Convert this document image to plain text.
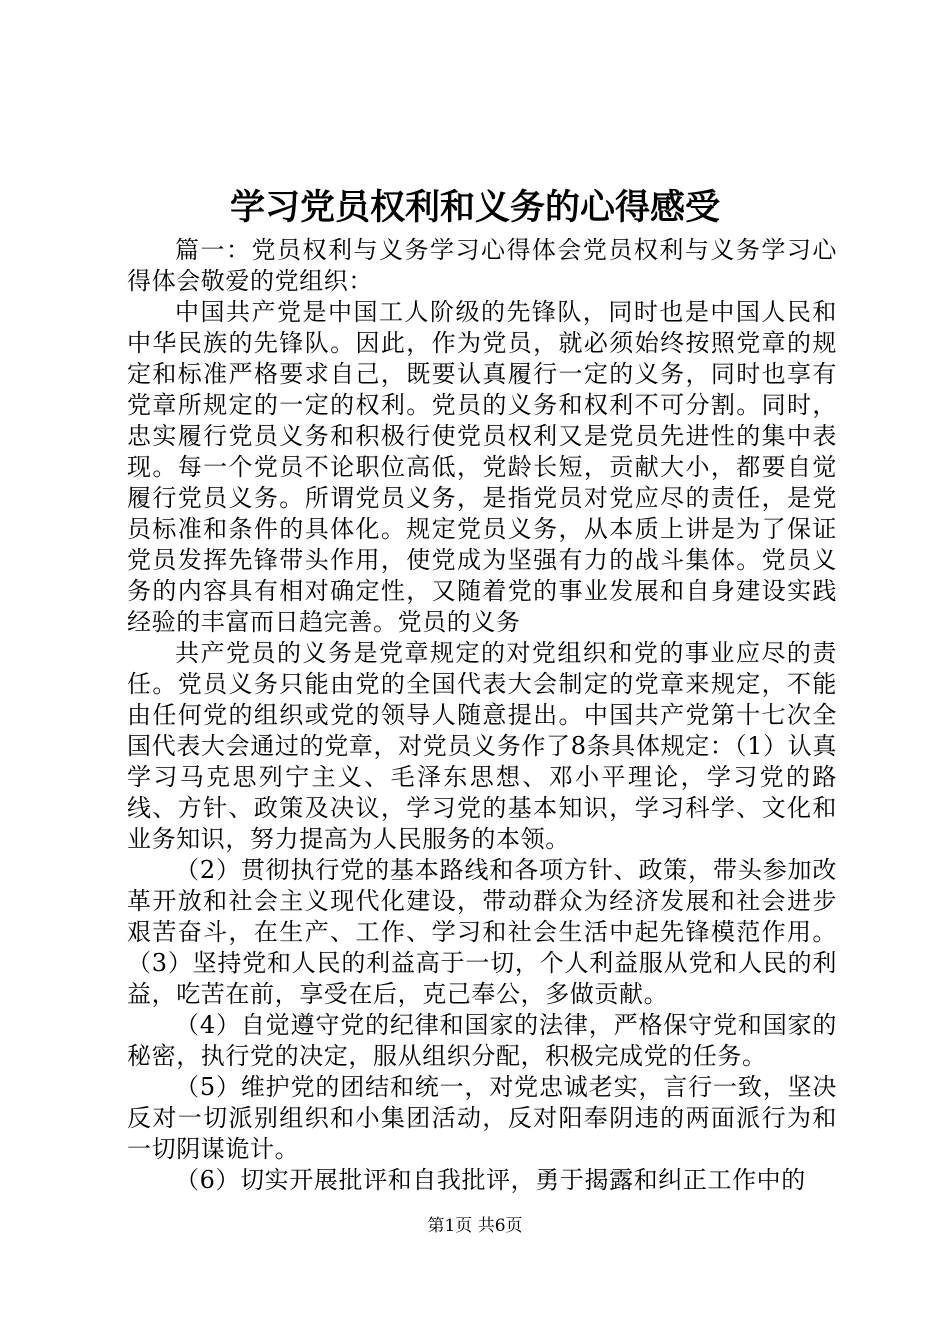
学习党员权利和义务的心得感受

篇一：党员权利与义务学习心得体会党员权利与义务学习心得体会敬爱的党组织：

中国共产党是中国工人阶级的先锋队，同时也是中国人民和中华民族的先锋队。因此，作为党员，就必须始终按照党章的规定和标准严格要求自己，既要认真履行一定的义务，同时也享有党章所规定的一定的权利。党员的义务和权利不可分割。同时，忠实履行党员义务和积极行使党员权利又是党员先进性的集中表现。每一个党员不论职位高低，党龄长短，贡献大小，都要自觉履行党员义务。所谓党员义务，是指党员对党应尽的责任，是党员标准和条件的具体化。规定党员义务，从本质上讲是为了保证党员发挥先锋带头作用，使党成为坚强有力的战斗集体。党员义务的内容具有相对确定性，又随着党的事业发展和自身建设实践经验的丰富而日趋完善。党员的义务

共产党员的义务是党章规定的对党组织和党的事业应尽的责任。党员义务只能由党的全国代表大会制定的党章来规定，不能由任何党的组织或党的领导人随意提出。中国共产党第十七次全国代表大会通过的党章，对党员义务作了8条具体规定：（1）认真学习马克思列宁主义、毛泽东思想、邓小平理论，学习党的路线、方针、政策及决议，学习党的基本知识，学习科学、文化和业务知识，努力提高为人民服务的本领。

（2）贯彻执行党的基本路线和各项方针、政策，带头参加改革开放和社会主义现代化建设，带动群众为经济发展和社会进步艰苦奋斗，在生产、工作、学习和社会生活中起先锋模范作用。（3）坚持党和人民的利益高于一切，个人利益服从党和人民的利益，吃苦在前，享受在后，克己奉公，多做贡献。

（4）自觉遵守党的纪律和国家的法律，严格保守党和国家的秘密，执行党的决定，服从组织分配，积极完成党的任务。

（5）维护党的团结和统一，对党忠诚老实，言行一致，坚决反对一切派别组织和小集团活动，反对阳奉阴违的两面派行为和一切阴谋诡计。

（6）切实开展批评和自我批评，勇于揭露和纠正工作中的

第1页 共6页
